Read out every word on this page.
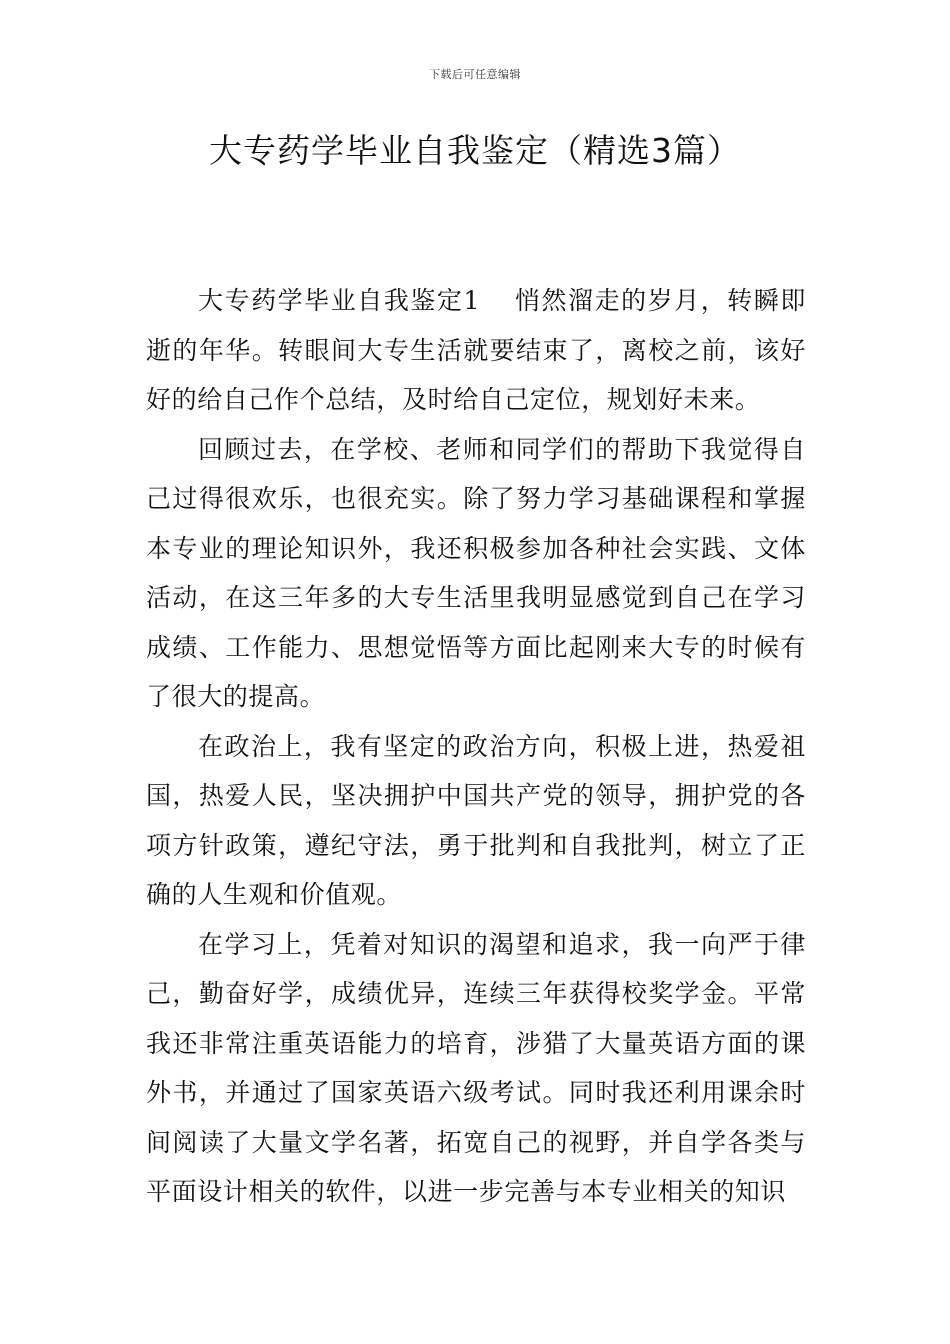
下载后可任意编辑
大专药学毕业自我鉴定（精选3篇）

大专药学毕业自我鉴定1 悄然溜走的岁月，转瞬即逝的年华。转眼间大专生活就要结束了，离校之前，该好好的给自己作个总结，及时给自己定位，规划好未来。

回顾过去，在学校、老师和同学们的帮助下我觉得自己过得很欢乐，也很充实。除了努力学习基础课程和掌握本专业的理论知识外，我还积极参加各种社会实践、文体活动，在这三年多的大专生活里我明显感觉到自己在学习成绩、工作能力、思想觉悟等方面比起刚来大专的时候有了很大的提高。

在政治上，我有坚定的政治方向，积极上进，热爱祖国，热爱人民，坚决拥护中国共产党的领导，拥护党的各项方针政策，遵纪守法，勇于批判和自我批判，树立了正确的人生观和价值观。

在学习上，凭着对知识的渴望和追求，我一向严于律己，勤奋好学，成绩优异，连续三年获得校奖学金。平常我还非常注重英语能力的培育，涉猎了大量英语方面的课外书，并通过了国家英语六级考试。同时我还利用课余时间阅读了大量文学名著，拓宽自己的视野，并自学各类与平面设计相关的软件，以进一步完善与本专业相关的知识
